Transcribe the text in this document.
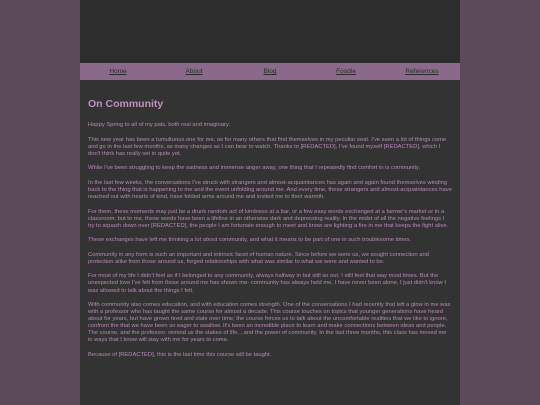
Home	About	Blog	Foodie	References
On Community

Happy Spring to all of my pals, both real and imaginary.

This new year has been a tumultuous one for me, as for many others that find themselves in my peculiar seat. I've seen a lot of things come and go in the last few months, as many changes as I can bear to watch. Thanks to [REDACTED], I've found myself [REDACTED], which I don't think has really set in quite yet.

While I've been struggling to keep the sadness and immense anger away, one thing that I repeatedly find comfort in is community.

In the last few weeks, the conversations I've struck with strangers and almost-acquaintances has again and again found themselves winding back to the thing that is happening to me and the event unfolding around me. And every time, these strangers and almost-acquaintances have reached out with hearts of kind, have folded arms around me and invited me to their warmth.

For them, these moments may just be a drunk random act of kindness at a bar, or a few easy words exchanged at a farmer's market or in a classroom; but to me, these words have been a lifeline in an otherwise dark and depressing reality. In the midst of all the negative feelings I try to squash down over [REDACTED], the people I am fortunate enough to meet and know are lighting a fire in me that keeps the fight alive.

These exchanges have left me thinking a lot about community, and what it means to be part of one in such troublesome times.

Community in any form is such an important and intrinsic facet of human nature. Since before we were us, we sought connection and protection alike from those around us, forged relationships with what was similar to what we were and wanted to be.

For most of my life I didn't feel as if I belonged to any community, always halfway in but still so out. I still feel that way most times. But the unexpected love I've felt from those around me has shown me- community has always held me. I have never been alone, I just didn't know I was allowed to talk about the things I felt.

With community also comes education, and with education comes strength. One of the conversations I had recently that left a glow in me was with a professor who has taught the same course for almost a decade. This course touches on topics that younger generations have heard about for years, but have grown tired and stale over time; the course forces us to talk about the uncomfortable realities that we like to ignore, confront the that we have been so eager to swallow. It's been an incredible place to learn and make connections between ideas and people. The course, and the professor, remind us the stakes of life, , and the power of community. In the last three months, this class has moved me in ways that I know will stay with me for years to come.

Because of [REDACTED], this is the last time this course will be taught.
